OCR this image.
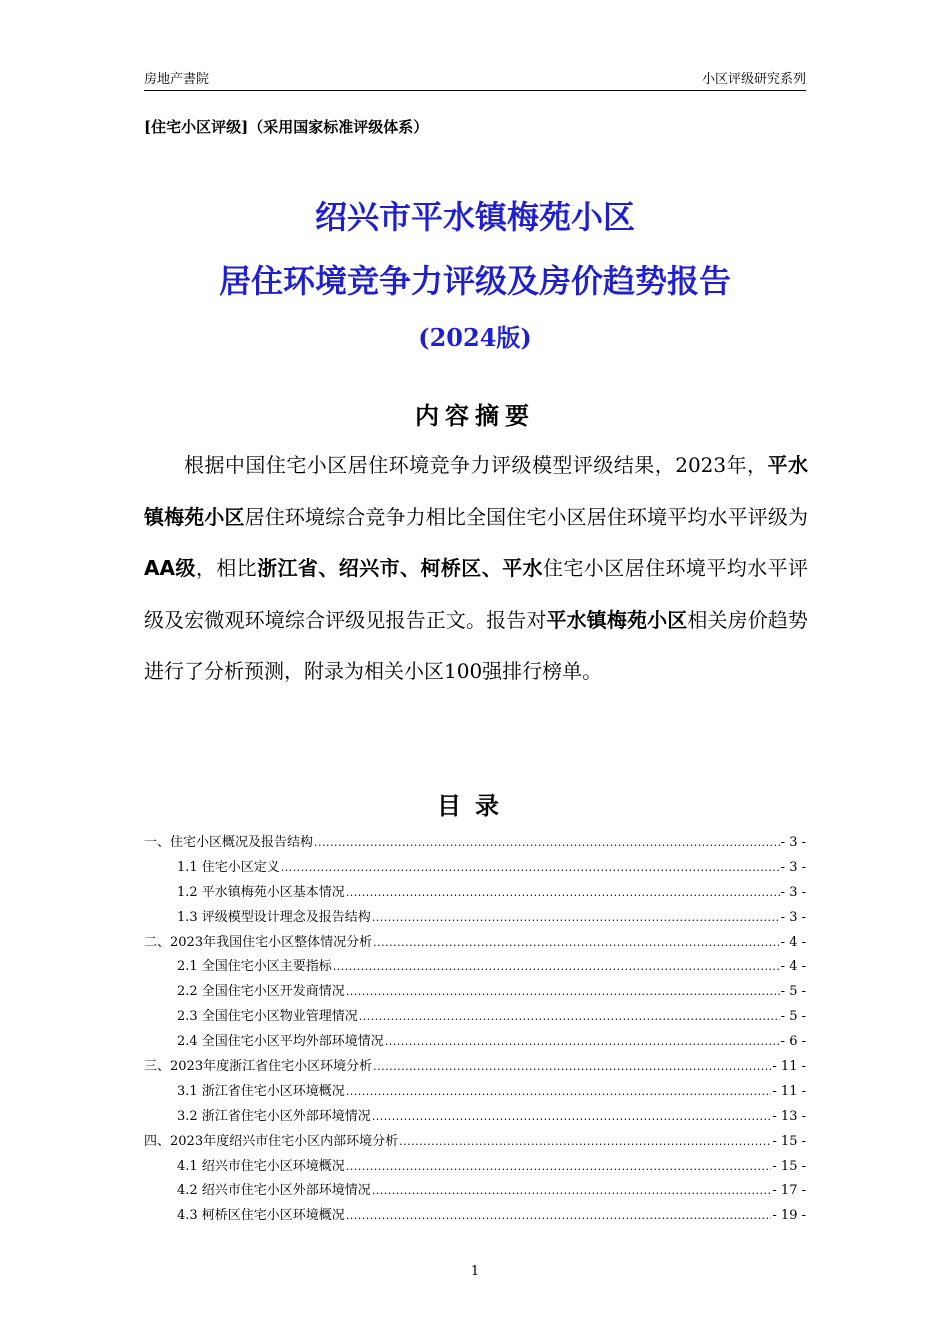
房地产書院	小区评级研究系列
[住宅小区评级]（采用国家标准评级体系）
绍兴市平水镇梅苑小区
居住环境竞争力评级及房价趋势报告
(2024版)
内容摘要

根据中国住宅小区居住环境竞争力评级模型评级结果，2023年，平水镇梅苑小区居住环境综合竞争力相比全国住宅小区居住环境平均水平评级为AA级，相比浙江省、绍兴市、柯桥区、平水住宅小区居住环境平均水平评级及宏微观环境综合评级见报告正文。报告对平水镇梅苑小区相关房价趋势进行了分析预测，附录为相关小区100强排行榜单。

目录
一、住宅小区概况及报告结构 .....	- 3 -
1.1 住宅小区定义 .....	- 3 -
1.2 平水镇梅苑小区基本情况 .....	- 3 -
1.3 评级模型设计理念及报告结构 .....	- 3 -
二、2023年我国住宅小区整体情况分析 .....	- 4 -
2.1 全国住宅小区主要指标 .....	- 4 -
2.2 全国住宅小区开发商情况 .....	- 5 -
2.3 全国住宅小区物业管理情况 .....	- 5 -
2.4 全国住宅小区平均外部环境情况 .....	- 6 -
三、2023年度浙江省住宅小区环境分析 .....	- 11 -
3.1 浙江省住宅小区环境概况 .....	- 11 -
3.2 浙江省住宅小区外部环境情况 .....	- 13 -
四、2023年度绍兴市住宅小区内部环境分析 .....	- 15 -
4.1 绍兴市住宅小区环境概况 .....	- 15 -
4.2 绍兴市住宅小区外部环境情况 .....	- 17 -
4.3 柯桥区住宅小区环境概况 .....	- 19 -
1
